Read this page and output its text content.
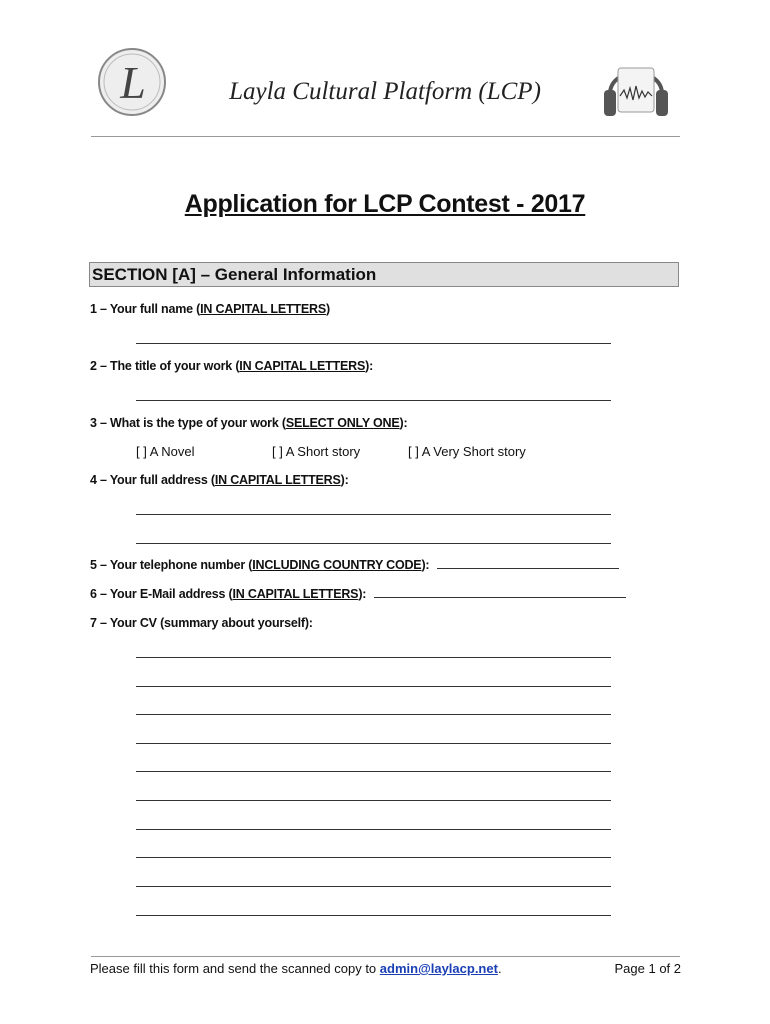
L	Layla Cultural Platform (LCP)
Application for LCP Contest - 2017
SECTION [A] – General Information
1 – Your full name (IN CAPITAL LETTERS)
2 – The title of your work (IN CAPITAL LETTERS):
3 – What is the type of your work (SELECT ONLY ONE):
[ ] A Novel	[ ] A Short story	[ ] A Very Short story
4 – Your full address (IN CAPITAL LETTERS):
5 – Your telephone number (INCLUDING COUNTRY CODE):
6 – Your E-Mail address (IN CAPITAL LETTERS):
7 – Your CV (summary about yourself):
Please fill this form and send the scanned copy to admin@laylacp.net.	Page 1 of 2
